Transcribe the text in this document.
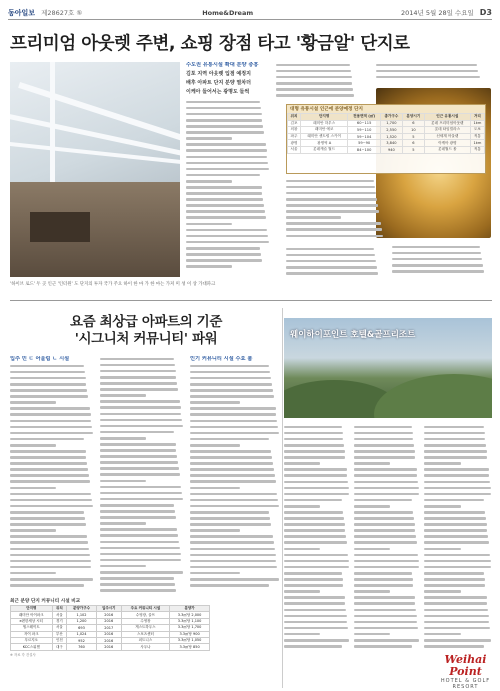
동아일보 제28627호 ⑤	Home&Dream	2014년 5월 28일 수요일 D3
프리미엄 아웃렛 주변, 쇼핑 장점 타고 '황금알' 단지로
수도권 유통시설 확대 분양 증흥
김포 지역 아웃렛 입점 예정지
배후 아파트 단지 분양 열차더
이케아 들어서는 광명도 들썩
대형 유통시설 인근에 분양예정 단지
위치	단지명	전용면적 (㎡)	총가구수	분양시기	인근 유통시설	거리
김포	래미안 하우스	60~115	1,700	6	롯데 프리미엄아웃렛	1km
의왕	래미안 에코	59~110	2,550	10	롯데 타임빌라스	도보
파주	래미안 센트럴 스카이	59~104	1,520	5	신세계 아울렛	직통
광명	광명역 A	59~90	3,840	6	이케아 광명	1km
서울	롯데캐슬 월드	84~100	940	5	롯데월드 몰	직통
'하이브 로드' 두 곳 인근 '인터원' 도 단지의 투자 국가 주요 하이 한 마 가 한 마는 가져 미 성 이 상 가대파크
요즘 최상급 아파트의 기준
'시그니처 커뮤니티' 파워
입주 민 ㄷ 어울림 ㄴ 시설	인기 커뮤니티 시설 수요 붐
웨이하이포인트 호텔&골프리조트
최근 분양 단지 커뮤니티 시설 비교
단지명	위치	분양가구수	입주시기	주요 커뮤니티 시설	분양가
래미안 아이파크	서울	1,102	2016	수영장, 골프	3.3㎡당 2,000
e편한세상 시티	경기	1,200	2016	수영장	3.3㎡당 1,100
힐스테이트	서울	693	2017	게스트하우스	3.3㎡당 1,700
자이 파크	부산	1,024	2016	스포츠센터	3.3㎡당 900
푸르지오	인천	952	2016	피트니스	3.3㎡당 1,050
KCC스위첸	대구	760	2016	사우나	3.3㎡당 850
※ 자료 각 건설사	Weihai Point
HOTEL & GOLF RESORT
